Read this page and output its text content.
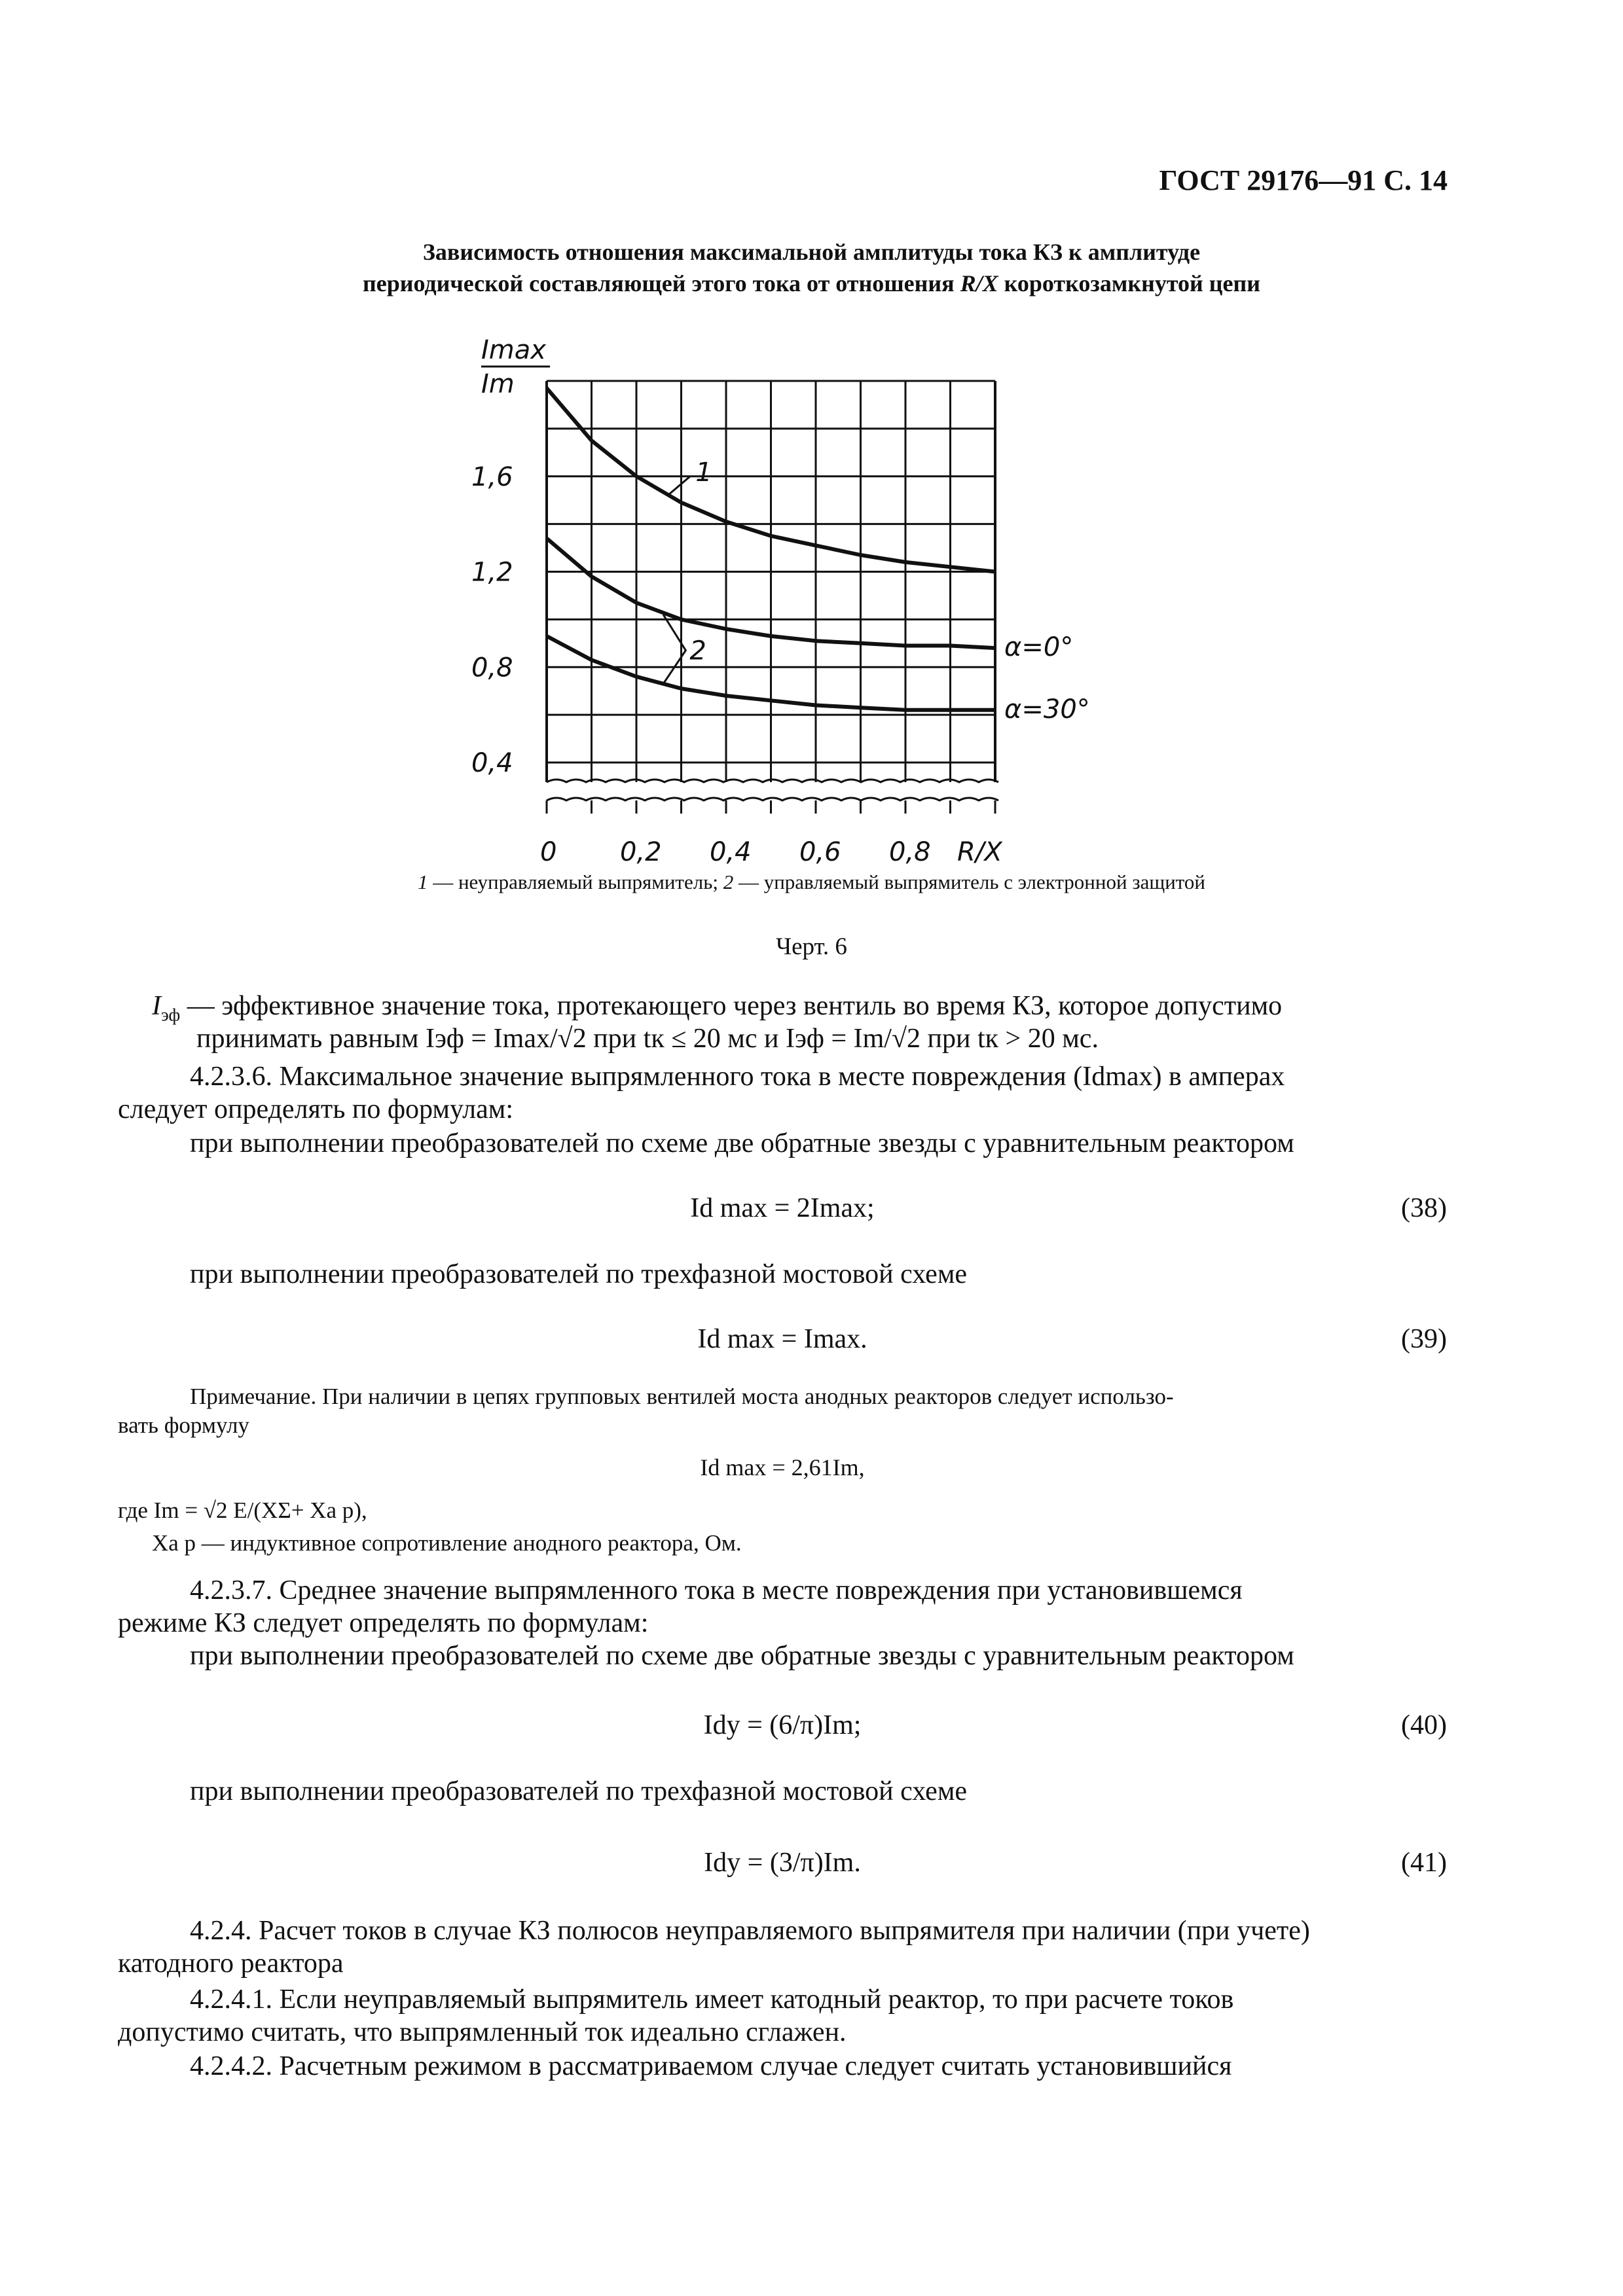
ГОСТ 29176—91 С. 14
Зависимость отношения максимальной амплитуды тока КЗ к амплитуде
периодической составляющей этого тока от отношения R/X короткозамкнутой цепи
1,6
1,2
0,8
0,4
0 0,2 0,4 0,6 0,8 R/X
Imax
Im
1
2	α=0°
α=30°
1 — неуправляемый выпрямитель; 2 — управляемый выпрямитель с электронной защитой
Черт. 6
$I_{эф}$ — эффективное значение тока, протекающего через вентиль во время КЗ, которое допустимо
принимать равным Iэф = Imax/√2 при tк ≤ 20 мс и Iэф = Im/√2 при tк > 20 мс.
4.2.3.6. Максимальное значение выпрямленного тока в месте повреждения (Idmax) в амперах
следует определять по формулам:
при выполнении преобразователей по схеме две обратные звезды с уравнительным реактором
Id max = 2Imax;	(38)
при выполнении преобразователей по трехфазной мостовой схеме
Id max = Imax.	(39)
Примечание. При наличии в цепях групповых вентилей моста анодных реакторов следует использо-
вать формулу
Id max = 2,61Im,
где Im = √2 E/(XΣ+ Xа р),
Xа р — индуктивное сопротивление анодного реактора, Ом.
4.2.3.7. Среднее значение выпрямленного тока в месте повреждения при установившемся
режиме КЗ следует определять по формулам:
при выполнении преобразователей по схеме две обратные звезды с уравнительным реактором
Idy = (6/π)Im;	(40)
при выполнении преобразователей по трехфазной мостовой схеме
Idy = (3/π)Im.	(41)
4.2.4. Расчет токов в случае КЗ полюсов неуправляемого выпрямителя при наличии (при учете)
катодного реактора
4.2.4.1. Если неуправляемый выпрямитель имеет катодный реактор, то при расчете токов
допустимо считать, что выпрямленный ток идеально сглажен.
4.2.4.2. Расчетным режимом в рассматриваемом случае следует считать установившийся
